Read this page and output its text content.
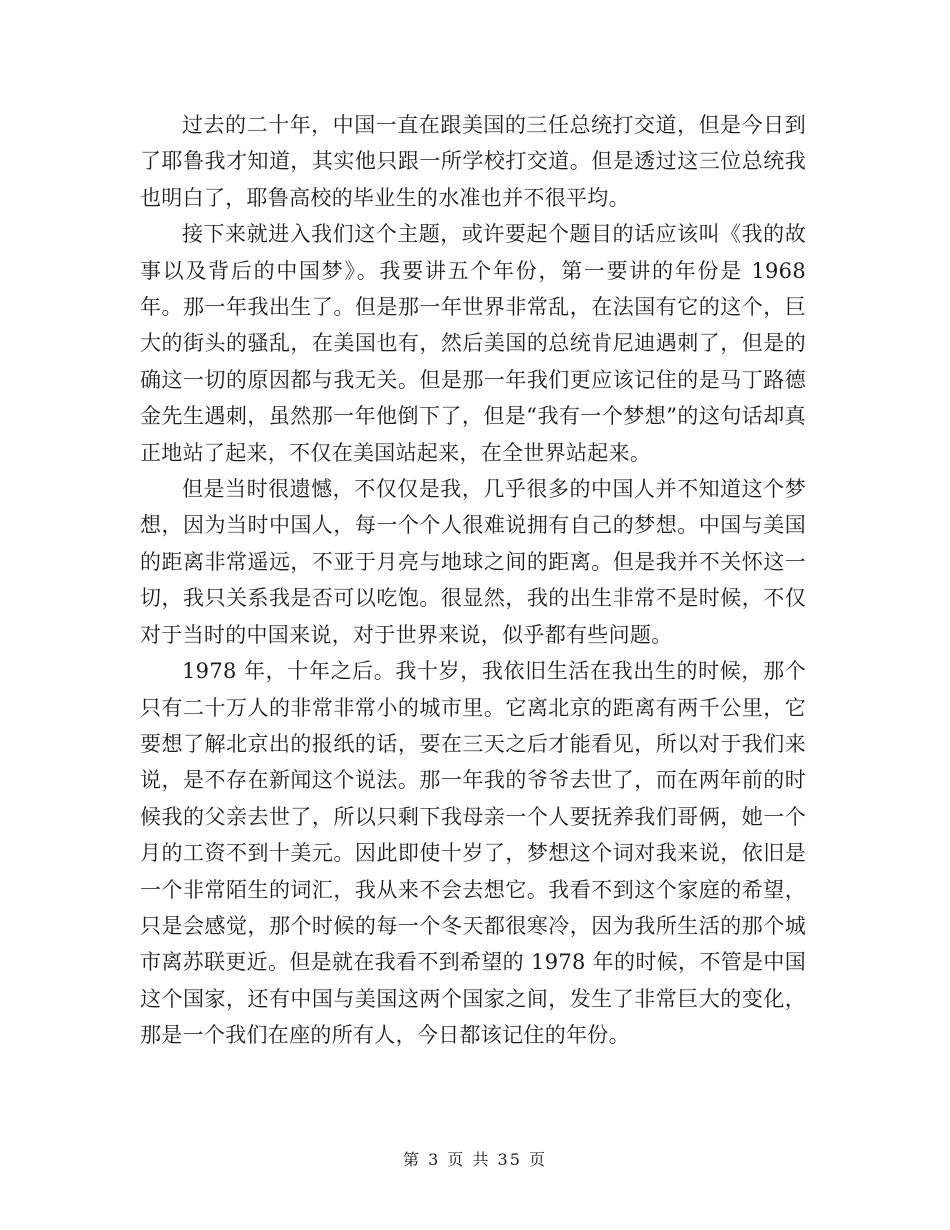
过去的二十年，中国一直在跟美国的三任总统打交道，但是今日到了耶鲁我才知道，其实他只跟一所学校打交道。但是透过这三位总统我也明白了，耶鲁高校的毕业生的水准也并不很平均。

接下来就进入我们这个主题，或许要起个题目的话应该叫《我的故事以及背后的中国梦》。我要讲五个年份，第一要讲的年份是 1968 年。那一年我出生了。但是那一年世界非常乱，在法国有它的这个，巨大的街头的骚乱，在美国也有，然后美国的总统肯尼迪遇刺了，但是的确这一切的原因都与我无关。但是那一年我们更应该记住的是马丁路德金先生遇刺，虽然那一年他倒下了，但是“我有一个梦想”的这句话却真正地站了起来，不仅在美国站起来，在全世界站起来。

但是当时很遗憾，不仅仅是我，几乎很多的中国人并不知道这个梦想，因为当时中国人，每一个个人很难说拥有自己的梦想。中国与美国的距离非常遥远，不亚于月亮与地球之间的距离。但是我并不关怀这一切，我只关系我是否可以吃饱。很显然，我的出生非常不是时候，不仅对于当时的中国来说，对于世界来说，似乎都有些问题。

1978 年，十年之后。我十岁，我依旧生活在我出生的时候，那个只有二十万人的非常非常小的城市里。它离北京的距离有两千公里，它要想了解北京出的报纸的话，要在三天之后才能看见，所以对于我们来说，是不存在新闻这个说法。那一年我的爷爷去世了，而在两年前的时候我的父亲去世了，所以只剩下我母亲一个人要抚养我们哥俩，她一个月的工资不到十美元。因此即使十岁了，梦想这个词对我来说，依旧是一个非常陌生的词汇，我从来不会去想它。我看不到这个家庭的希望，只是会感觉，那个时候的每一个冬天都很寒冷，因为我所生活的那个城市离苏联更近。但是就在我看不到希望的 1978 年的时候，不管是中国这个国家，还有中国与美国这两个国家之间，发生了非常巨大的变化，那是一个我们在座的所有人，今日都该记住的年份。

第 3 页 共 35 页
